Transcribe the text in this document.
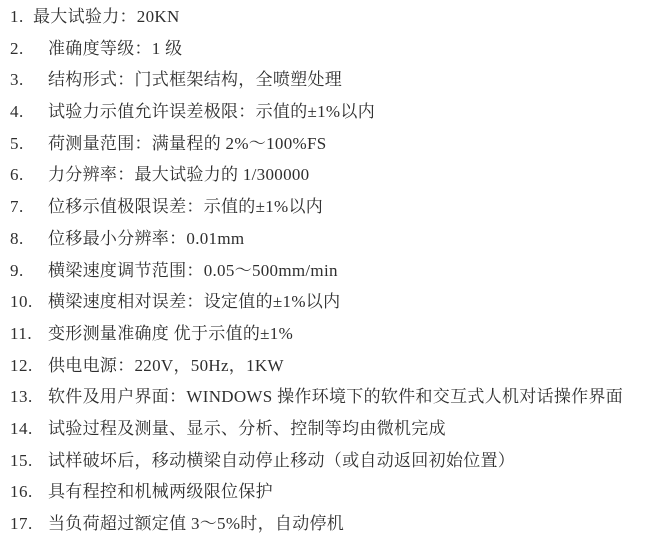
1. 最大试验力：20KN
2.	准确度等级：1 级
3.	结构形式：门式框架结构，全喷塑处理
4.	试验力示值允许误差极限：示值的±1%以内
5.	荷测量范围：满量程的 2%～100%FS
6.	力分辨率：最大试验力的 1/300000
7.	位移示值极限误差：示值的±1%以内
8.	位移最小分辨率：0.01mm
9.	横梁速度调节范围：0.05～500mm/min
10. 横梁速度相对误差：设定值的±1%以内
11. 变形测量准确度 优于示值的±1%
12. 供电电源：220V，50Hz，1KW
13. 软件及用户界面：WINDOWS 操作环境下的软件和交互式人机对话操作界面
14. 试验过程及测量、显示、分析、控制等均由微机完成
15. 试样破坏后，移动横梁自动停止移动（或自动返回初始位置）
16. 具有程控和机械两级限位保护
17. 当负荷超过额定值 3～5%时，自动停机
